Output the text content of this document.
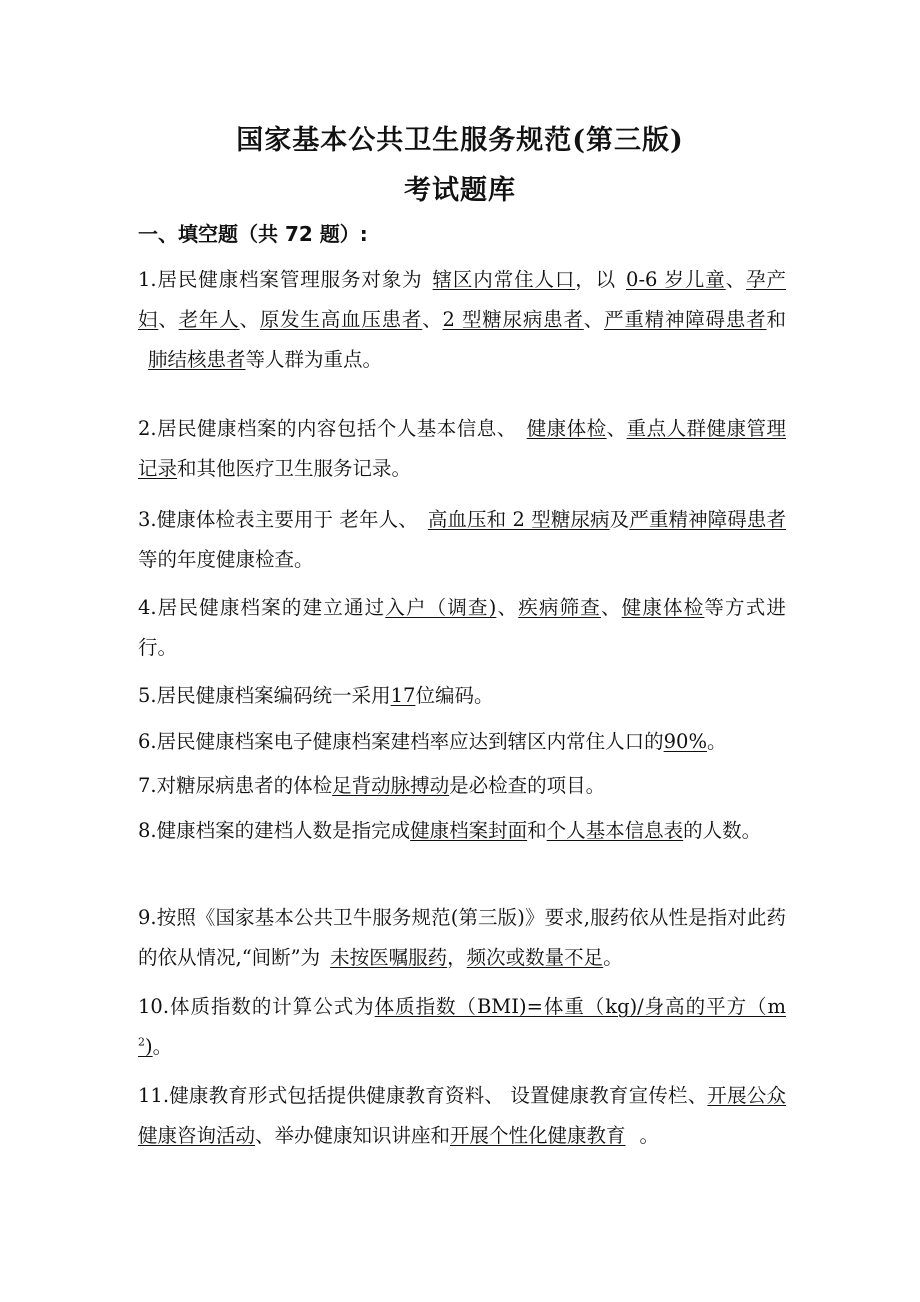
国家基本公共卫生服务规范(第三版)
考试题库
一、填空题（共 72 题）:
1.居民健康档案管理服务对象为 辖区内常住人口，以 0-6 岁儿童、孕产妇、老年人、原发生高血压患者、2 型糖尿病患者、严重精神障碍患者和肺结核患者等人群为重点。
2.居民健康档案的内容包括个人基本信息、 健康体检、重点人群健康管理记录和其他医疗卫生服务记录。
3.健康体检表主要用于 老年人、 高血压和 2 型糖尿病及严重精神障碍患者等的年度健康检查。
4.居民健康档案的建立通过入户（调查)、疾病筛查、健康体检等方式进行。
5.居民健康档案编码统一采用17位编码。
6.居民健康档案电子健康档案建档率应达到辖区内常住人口的90%。
7.对糖尿病患者的体检足背动脉搏动是必检查的项目。
8.健康档案的建档人数是指完成健康档案封面和个人基本信息表的人数。
9.按照《国家基本公共卫牛服务规范(第三版)》要求,服药依从性是指对此药的依从情况,“间断”为 未按医嘱服药，频次或数量不足。
10.体质指数的计算公式为体质指数（BMI)=体重（kg)/身高的平方$(m^2)$。
11.健康教育形式包括提供健康教育资料、 设置健康教育宣传栏、开展公众健康咨询活动、举办健康知识讲座和开展个性化健康教育 。
